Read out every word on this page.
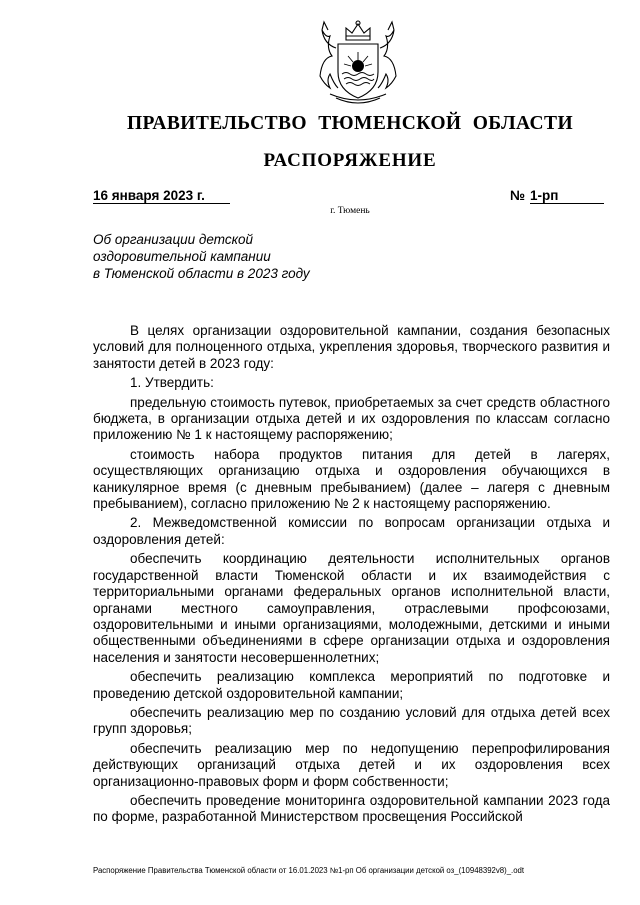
ПРАВИТЕЛЬСТВО ТЮМЕНСКОЙ ОБЛАСТИ
РАСПОРЯЖЕНИЕ
16 января 2023 г.	№ 1-рп
г. Тюмень
Об организации детской
оздоровительной кампании
в Тюменской области в 2023 году

В целях организации оздоровительной кампании, создания безопасных условий для полноценного отдыха, укрепления здоровья, творческого развития и занятости детей в 2023 году:

1. Утвердить:

предельную стоимость путевок, приобретаемых за счет средств областного бюджета, в организации отдыха детей и их оздоровления по классам согласно приложению № 1 к настоящему распоряжению;

стоимость набора продуктов питания для детей в лагерях, осуществляющих организацию отдыха и оздоровления обучающихся в каникулярное время (с дневным пребыванием) (далее – лагеря с дневным пребыванием), согласно приложению № 2 к настоящему распоряжению.

2. Межведомственной комиссии по вопросам организации отдыха и оздоровления детей:

обеспечить координацию деятельности исполнительных органов государственной власти Тюменской области и их взаимодействия с территориальными органами федеральных органов исполнительной власти, органами местного самоуправления, отраслевыми профсоюзами, оздоровительными и иными организациями, молодежными, детскими и иными общественными объединениями в сфере организации отдыха и оздоровления населения и занятости несовершеннолетних;

обеспечить реализацию комплекса мероприятий по подготовке и проведению детской оздоровительной кампании;

обеспечить реализацию мер по созданию условий для отдыха детей всех групп здоровья;

обеспечить реализацию мер по недопущению перепрофилирования действующих организаций отдыха детей и их оздоровления всех организационно-правовых форм и форм собственности;

обеспечить проведение мониторинга оздоровительной кампании 2023 года по форме, разработанной Министерством просвещения Российской

Распоряжение Правительства Тюменской области от 16.01.2023 №1-рп Об организации детской оз_(10948392v8)_.odt
